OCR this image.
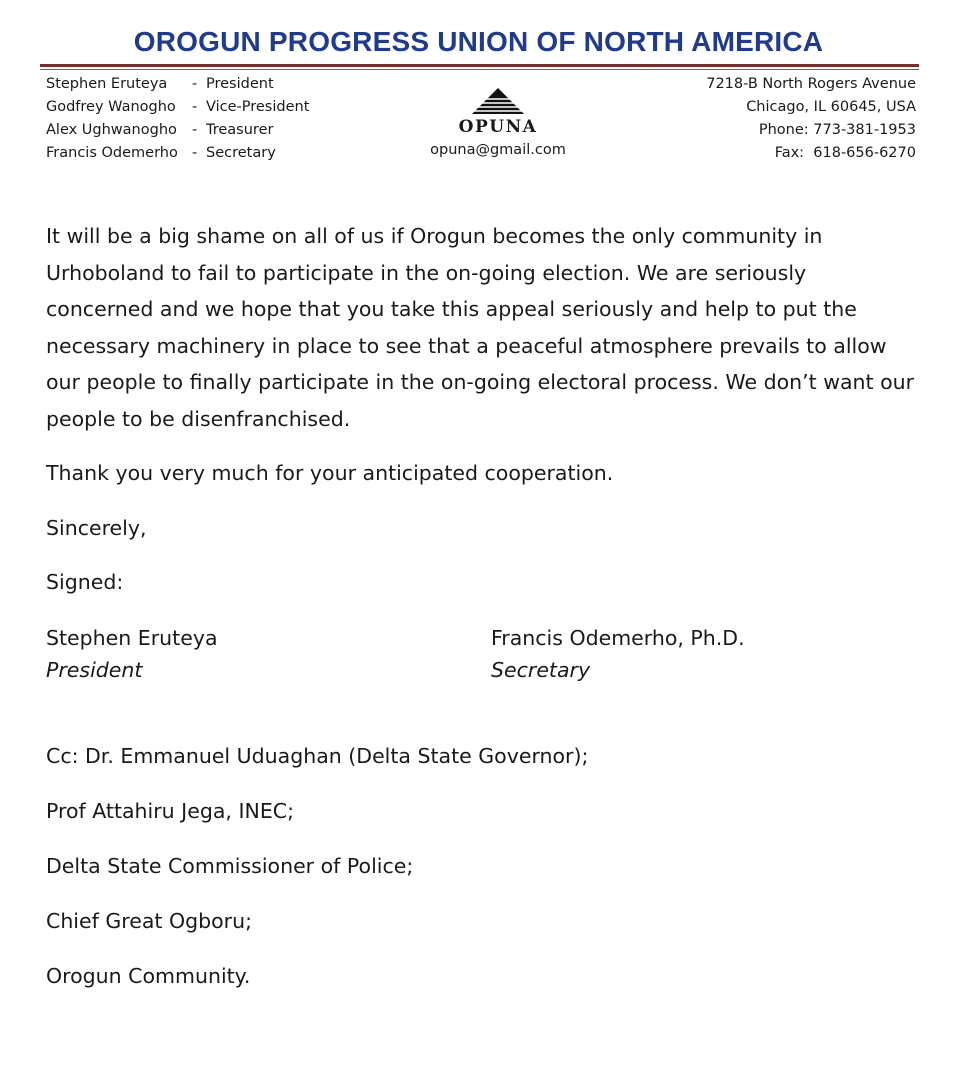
OROGUN PROGRESS UNION OF NORTH AMERICA
Stephen Eruteya	- President
Godfrey Wanogho	- Vice-President
Alex Ughwanogho	- Treasurer
Francis Odemerho - Secretary
OPUNA
opuna@gmail.com
7218-B North Rogers Avenue
Chicago, IL 60645, USA
Phone: 773-381-1953
Fax:  618-656-6270

It will be a big shame on all of us if Orogun becomes the only community in Urhoboland to fail to participate in the on-going election. We are seriously concerned and we hope that you take this appeal seriously and help to put the necessary machinery in place to see that a peaceful atmosphere prevails to allow our people to finally participate in the on-going electoral process. We don’t want our people to be disenfranchised.

Thank you very much for your anticipated cooperation.

Sincerely,

Signed:

Stephen Eruteya
President
Francis Odemerho, Ph.D.
Secretary

Cc: Dr. Emmanuel Uduaghan (Delta State Governor);

Prof Attahiru Jega, INEC;

Delta State Commissioner of Police;

Chief Great Ogboru;

Orogun Community.
